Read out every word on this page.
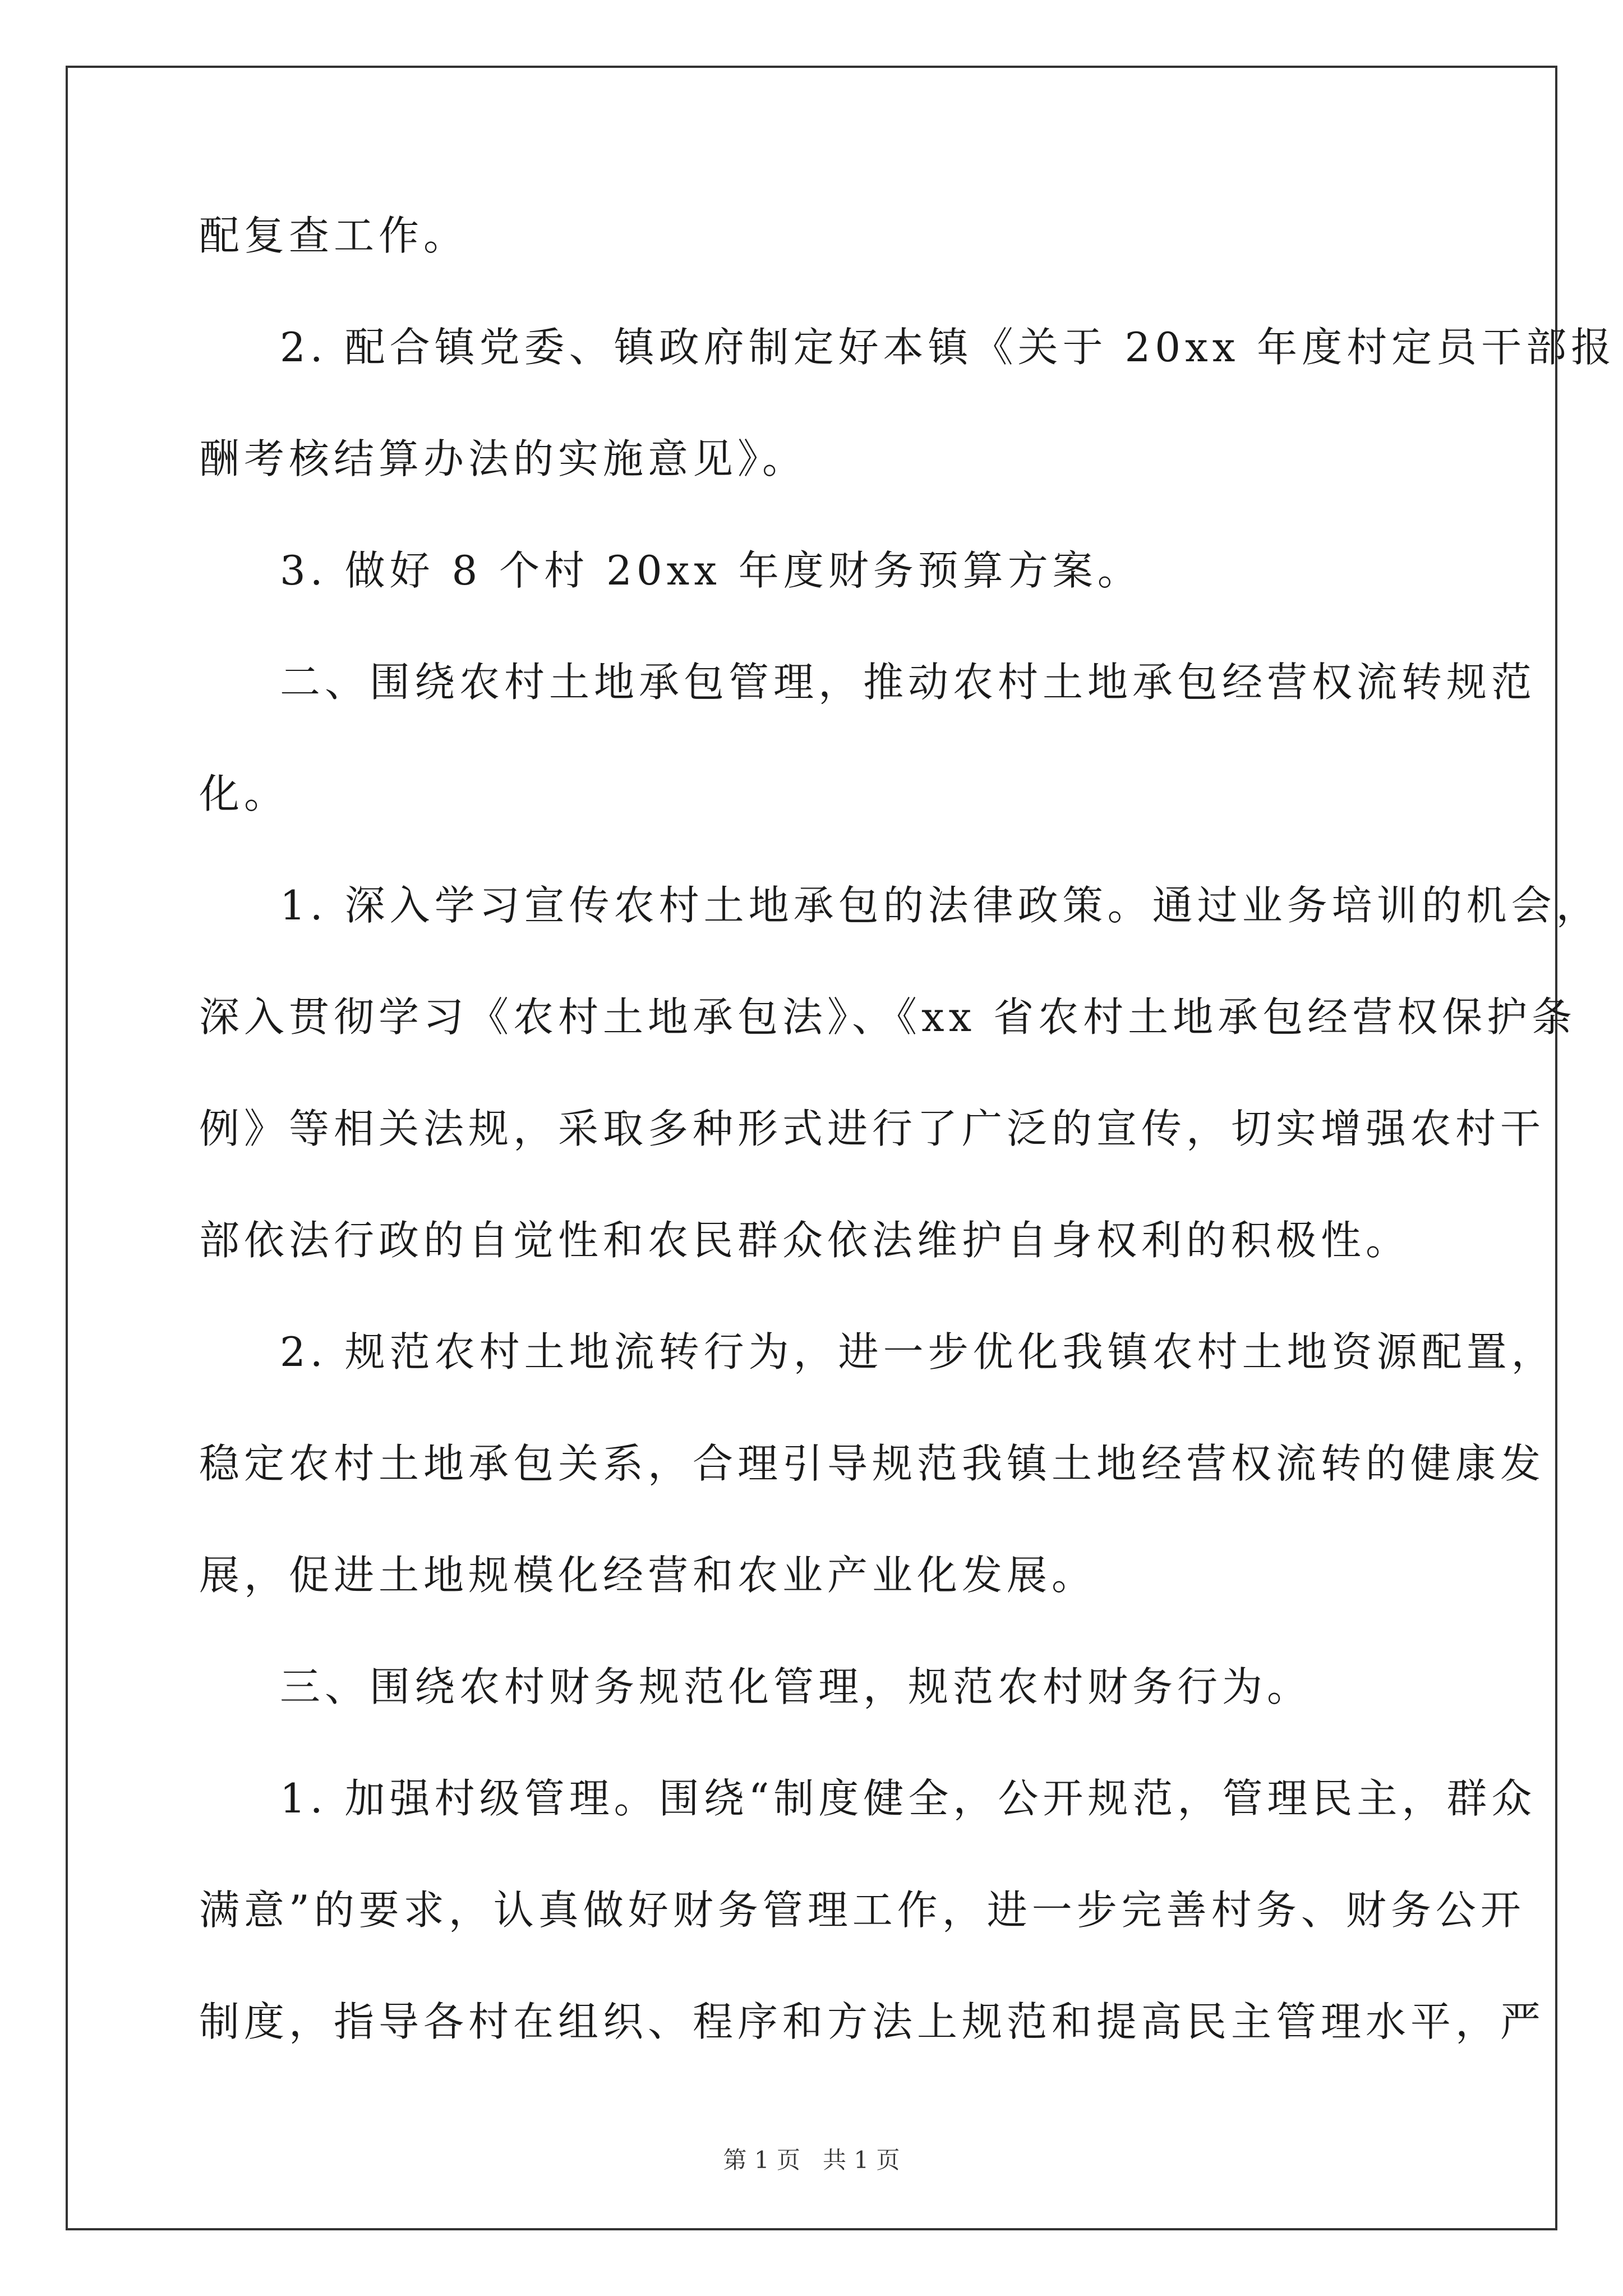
配复查工作。
2. 配合镇党委、镇政府制定好本镇《关于 20xx 年度村定员干部报
酬考核结算办法的实施意见》。
3. 做好 8 个村 20xx 年度财务预算方案。
二、围绕农村土地承包管理，推动农村土地承包经营权流转规范
化。
1. 深入学习宣传农村土地承包的法律政策。通过业务培训的机会，
深入贯彻学习《农村土地承包法》、《xx 省农村土地承包经营权保护条
例》等相关法规，采取多种形式进行了广泛的宣传，切实增强农村干
部依法行政的自觉性和农民群众依法维护自身权利的积极性。
2. 规范农村土地流转行为，进一步优化我镇农村土地资源配置，
稳定农村土地承包关系，合理引导规范我镇土地经营权流转的健康发
展，促进土地规模化经营和农业产业化发展。
三、围绕农村财务规范化管理，规范农村财务行为。
1. 加强村级管理。围绕“制度健全，公开规范，管理民主，群众
满意”的要求，认真做好财务管理工作，进一步完善村务、财务公开
制度，指导各村在组织、程序和方法上规范和提高民主管理水平，严
第 1 页   共 1 页
